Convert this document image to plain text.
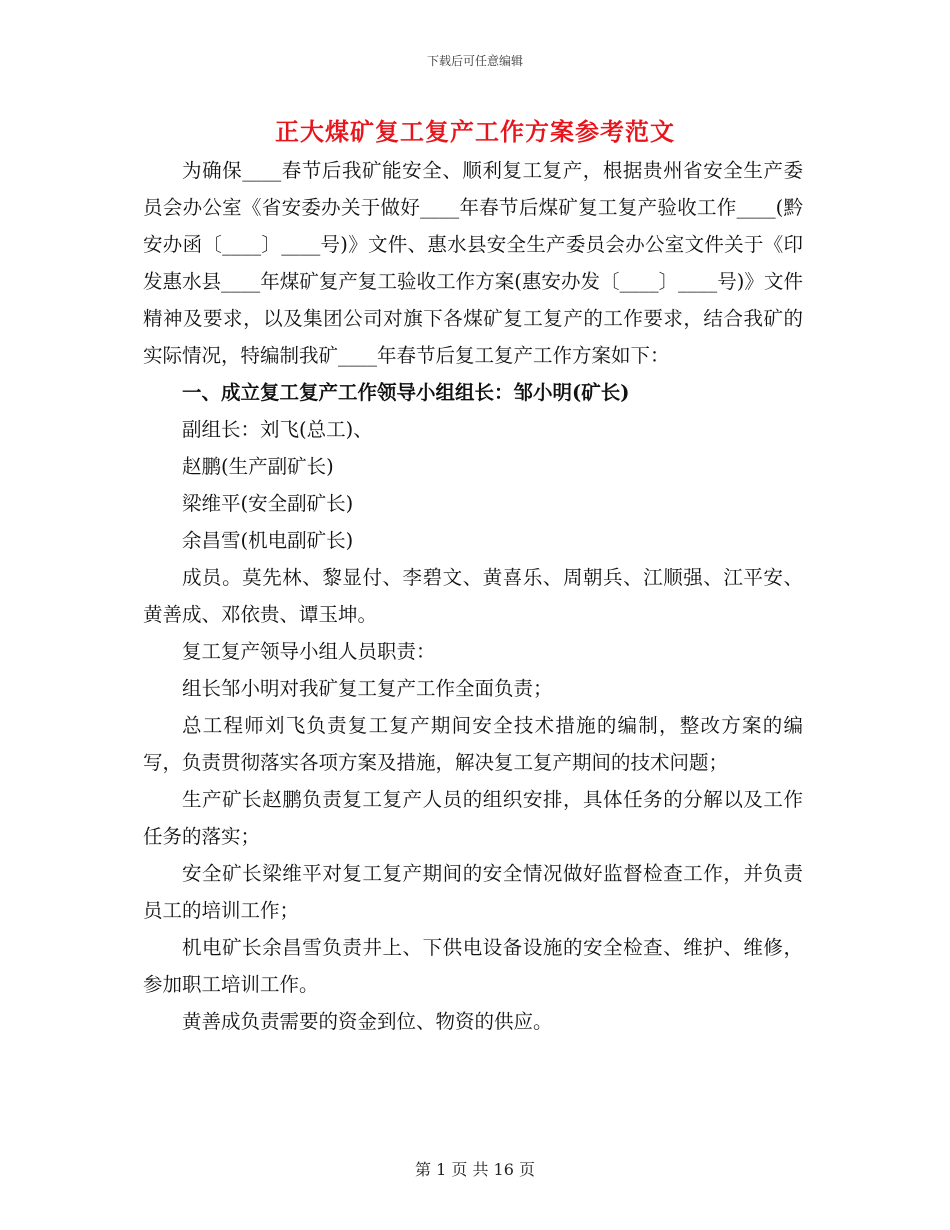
下载后可任意编辑
正大煤矿复工复产工作方案参考范文

为确保____春节后我矿能安全、顺利复工复产，根据贵州省安全生产委员会办公室《省安委办关于做好____年春节后煤矿复工复产验收工作____(黔安办函〔____〕____号)》文件、惠水县安全生产委员会办公室文件关于《印发惠水县____年煤矿复产复工验收工作方案(惠安办发〔____〕____号)》文件精神及要求，以及集团公司对旗下各煤矿复工复产的工作要求，结合我矿的实际情况，特编制我矿____年春节后复工复产工作方案如下：

一、成立复工复产工作领导小组组长：邹小明(矿长)

副组长：刘飞(总工)、

赵鹏(生产副矿长)

梁维平(安全副矿长)

余昌雪(机电副矿长)

成员。莫先林、黎显付、李碧文、黄喜乐、周朝兵、江顺强、江平安、黄善成、邓依贵、谭玉坤。

复工复产领导小组人员职责：

组长邹小明对我矿复工复产工作全面负责；

总工程师刘飞负责复工复产期间安全技术措施的编制，整改方案的编写，负责贯彻落实各项方案及措施，解决复工复产期间的技术问题；

生产矿长赵鹏负责复工复产人员的组织安排，具体任务的分解以及工作任务的落实；

安全矿长梁维平对复工复产期间的安全情况做好监督检查工作，并负责员工的培训工作；

机电矿长余昌雪负责井上、下供电设备设施的安全检查、维护、维修，参加职工培训工作。

黄善成负责需要的资金到位、物资的供应。

第 1 页 共 16 页
